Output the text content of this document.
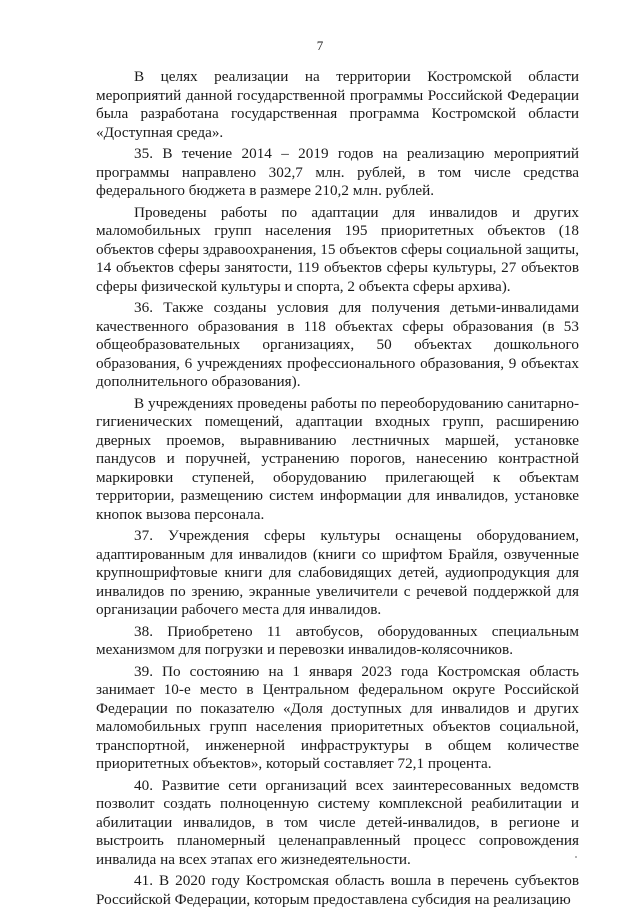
7

В целях реализации на территории Костромской области мероприятий данной государственной программы Российской Федерации была разработана государственная программа Костромской области «Доступная среда».

35. В течение 2014 – 2019 годов на реализацию мероприятий программы направлено 302,7 млн. рублей, в том числе средства федерального бюджета в размере 210,2 млн. рублей.

Проведены работы по адаптации для инвалидов и других маломобильных групп населения 195 приоритетных объектов (18 объектов сферы здравоохранения, 15 объектов сферы социальной защиты, 14 объектов сферы занятости, 119 объектов сферы культуры, 27 объектов сферы физической культуры и спорта, 2 объекта сферы архива).

36. Также созданы условия для получения детьми-инвалидами качественного образования в 118 объектах сферы образования (в 53 общеобразовательных организациях, 50 объектах дошкольного образования, 6 учреждениях профессионального образования, 9 объектах дополнительного образования).

В учреждениях проведены работы по переоборудованию санитарно-гигиенических помещений, адаптации входных групп, расширению дверных проемов, выравниванию лестничных маршей, установке пандусов и поручней, устранению порогов, нанесению контрастной маркировки ступеней, оборудованию прилегающей к объектам территории, размещению систем информации для инвалидов, установке кнопок вызова персонала.

37. Учреждения сферы культуры оснащены оборудованием, адаптированным для инвалидов (книги со шрифтом Брайля, озвученные крупношрифтовые книги для слабовидящих детей, аудиопродукция для инвалидов по зрению, экранные увеличители с речевой поддержкой для организации рабочего места для инвалидов.

38. Приобретено 11 автобусов, оборудованных специальным механизмом для погрузки и перевозки инвалидов-колясочников.

39. По состоянию на 1 января 2023 года Костромская область занимает 10-е место в Центральном федеральном округе Российской Федерации по показателю «Доля доступных для инвалидов и других маломобильных групп населения приоритетных объектов социальной, транспортной, инженерной инфраструктуры в общем количестве приоритетных объектов», который составляет 72,1 процента.

40. Развитие сети организаций всех заинтересованных ведомств позволит создать полноценную систему комплексной реабилитации и абилитации инвалидов, в том числе детей-инвалидов, в регионе и выстроить планомерный целенаправленный процесс сопровождения инвалида на всех этапах его жизнедеятельности.

41. В 2020 году Костромская область вошла в перечень субъектов Российской Федерации, которым предоставлена субсидия на реализацию
